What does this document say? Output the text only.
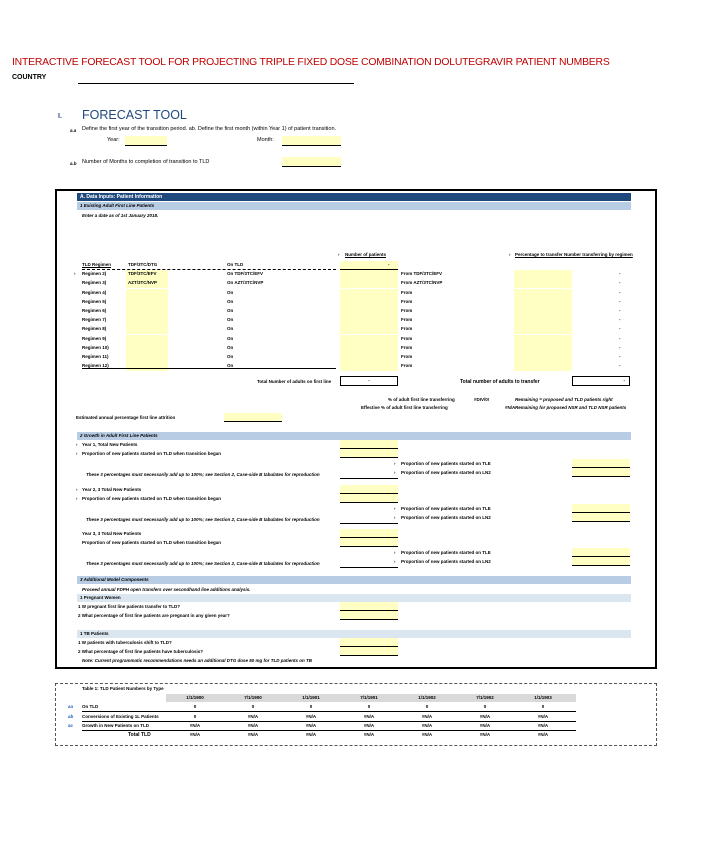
INTERACTIVE FORECAST TOOL FOR PROJECTING TRIPLE FIXED DOSE COMBINATION DOLUTEGRAVIR PATIENT NUMBERS
COUNTRY
I. FORECAST TOOL
a.a Define the first year of the transition period. ab. Define the first month (within Year 1) of patient transition.
Year:	Month:
a.b Number of Months to completion of transition to TLD
A. Data Inputs: Patient Information
1 Existing Adult First Line Patients
Enter a date as of 1st January 2018.
Number of patients	Percentage to transfer Number transferring by regimen
›	›
TLD Regimen	TDF/3TC/DTG	On TLD	-
› Regimen 2)	TDF/3TC/EFV	On TDF/3TC/EFV	From TDF/3TC/EFV	-
Regimen 3)	AZT/3TC/NVP	On AZT/3TC/NVP	From AZT/3TC/NVP	-
Regimen 4)	On	From	-
Regimen 5)	On	From	-
Regimen 6)	On	From	-
Regimen 7)	On	From	-
Regimen 8)	On	From	-
Regimen 9)	On	From	-
Regimen 10)	On	From	-
Regimen 11)	On	From	-
Regimen 12)	On	From	-
Total Number of adults on first line	-	Total number of adults to transfer	-
% of adult first line transferring	#DIV/0!	Remaining = proposed and TLD patients right
Effective % of adult first line transferring	#N/A Remaining for proposed NSR and TLD NSR patients
Estimated annual percentage first line attrition
2 Growth in Adult First Line Patients
›
›
Year 1, Total New Patients
Proportion of new patients started on TLD when transition began
› Proportion of new patients started on TLE
› Proportion of new patients started on LN2
These 3 percentages must necessarily add up to 100%; see Section 2, Case-side B tabulates for reproduction
›
›
Year 2, 3 Total New Patients
Proportion of new patients started on TLD when transition began
› Proportion of new patients started on TLE
› Proportion of new patients started on LN2
These 3 percentages must necessarily add up to 100%; see Section 2, Case-side B tabulates for reproduction
Year 3, 3 Total New Patients
Proportion of new patients started on TLD when transition began
› Proportion of new patients started on TLE
› Proportion of new patients started on LN2
These 3 percentages must necessarily add up to 100%; see Section 2, Case-side B tabulates for reproduction
3 Additional Model Components
Proceed annual FDPH open transfers over secondhand line additions analysis.
1 Pregnant Women
1 W pregnant first line patients transfer to TLD?
2 What percentage of first line patients are pregnant in any given year?
1 TB Patients
1 W patients with tuberculosis shift to TLD?
2 What percentage of first line patients have tuberculosis?
Note: Current programmatic recommendations needs an additional DTG dose 50 mg for TLD patients on TB
Table 1: TLD Patient Numbers by Type
1/1/1900	7/1/1900	1/1/1901	7/1/1901	1/1/1902	7/1/1902	1/1/1903
aa On TLD	0	0	0	0	0	0	0
ab Conversions of Existing 1L Patients	0	#N/A	#N/A	#N/A	#N/A	#N/A	#N/A
ac Growth in New Patients on TLD	#N/A	#N/A	#N/A	#N/A	#N/A	#N/A	#N/A
Total TLD	#N/A	#N/A	#N/A	#N/A	#N/A	#N/A	#N/A
